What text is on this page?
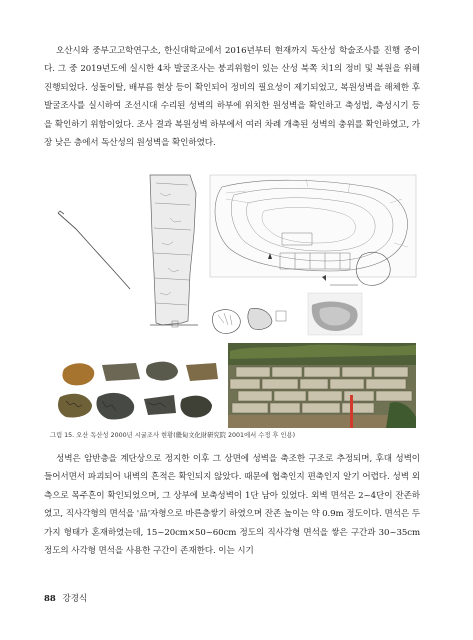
오산시와 중부고고학연구소, 한신대학교에서 2016년부터 현재까지 독산성 학술조사를 진행 중이다. 그 중 2019년도에 실시한 4차 발굴조사는 붕괴위험이 있는 산성 북쪽 치1의 정비 및 복원을 위해 진행되었다. 성돌이탈, 배부름 현상 등이 확인되어 정비의 필요성이 제기되었고, 복원성벽을 해체한 후 발굴조사를 실시하여 조선시대 수리된 성벽의 하부에 위치한 원성벽을 확인하고 축성법, 축성시기 등을 확인하기 위함이었다. 조사 결과 복원성벽 하부에서 여러 차례 개축된 성벽의 충위를 확인하였고, 가장 낮은 층에서 독산성의 원성벽을 확인하였다.

그림 15. 오산 독산성 2000년 시굴조사 현황(畿甸文化財研究院 2001에서 수정 후 인용)

성벽은 암반층을 계단상으로 정지한 이후 그 상면에 성벽을 축조한 구조로 추정되며, 후대 성벽이 들어서면서 파괴되어 내벽의 흔적은 확인되지 않았다. 때문에 협축인지 편축인지 알기 어렵다. 성벽 외측으로 목주흔이 확인되었으며, 그 상부에 보축성벽이 1단 남아 있었다. 외벽 면석은 2~4단이 잔존하였고, 직사각형의 면석을 '品'자형으로 바른층쌓기 하였으며 잔존 높이는 약 0.9m 정도이다. 면석은 두 가지 형태가 혼재하였는데, 15~20cm×50~60cm 정도의 직사각형 면석을 쌓은 구간과 30~35cm 정도의 사각형 면석을 사용한 구간이 존재한다. 이는 시기

88 강경식
